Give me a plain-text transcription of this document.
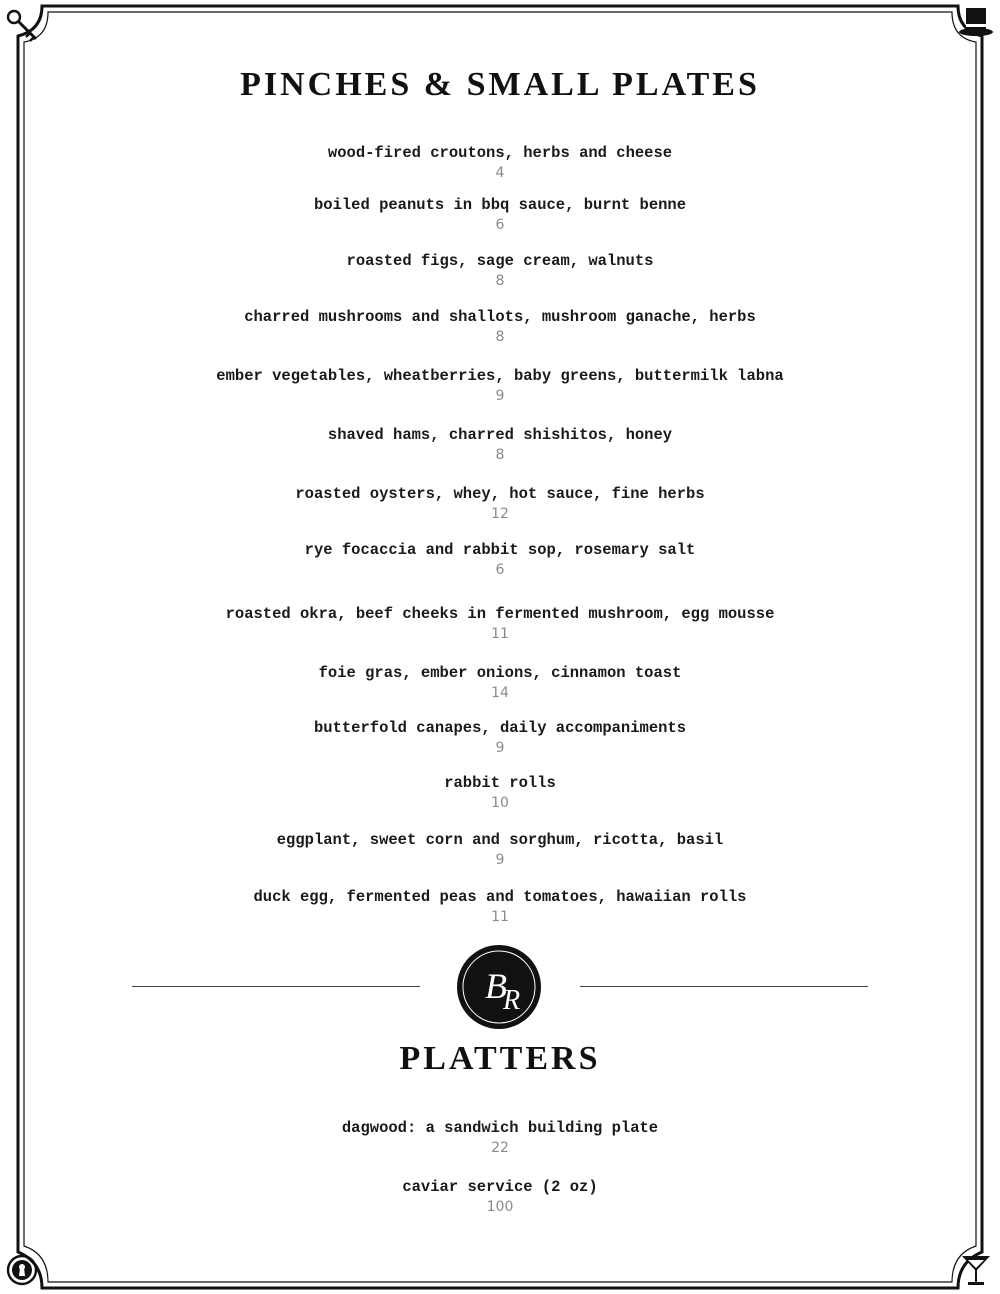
PINCHES & SMALL PLATES
wood-fired croutons, herbs and cheese
4
boiled peanuts in bbq sauce, burnt benne
6
roasted figs, sage cream, walnuts
8
charred mushrooms and shallots, mushroom ganache, herbs
8
ember vegetables, wheatberries, baby greens, buttermilk labna
9
shaved hams, charred shishitos, honey
8
roasted oysters, whey, hot sauce, fine herbs
12
rye focaccia and rabbit sop, rosemary salt
6
roasted okra, beef cheeks in fermented mushroom, egg mousse
11
foie gras, ember onions, cinnamon toast
14
butterfold canapes, daily accompaniments
9
rabbit rolls
10
eggplant, sweet corn and sorghum, ricotta, basil
9
duck egg, fermented peas and tomatoes, hawaiian rolls
11
B
R
PLATTERS
dagwood: a sandwich building plate
22
caviar service (2 oz)
100
